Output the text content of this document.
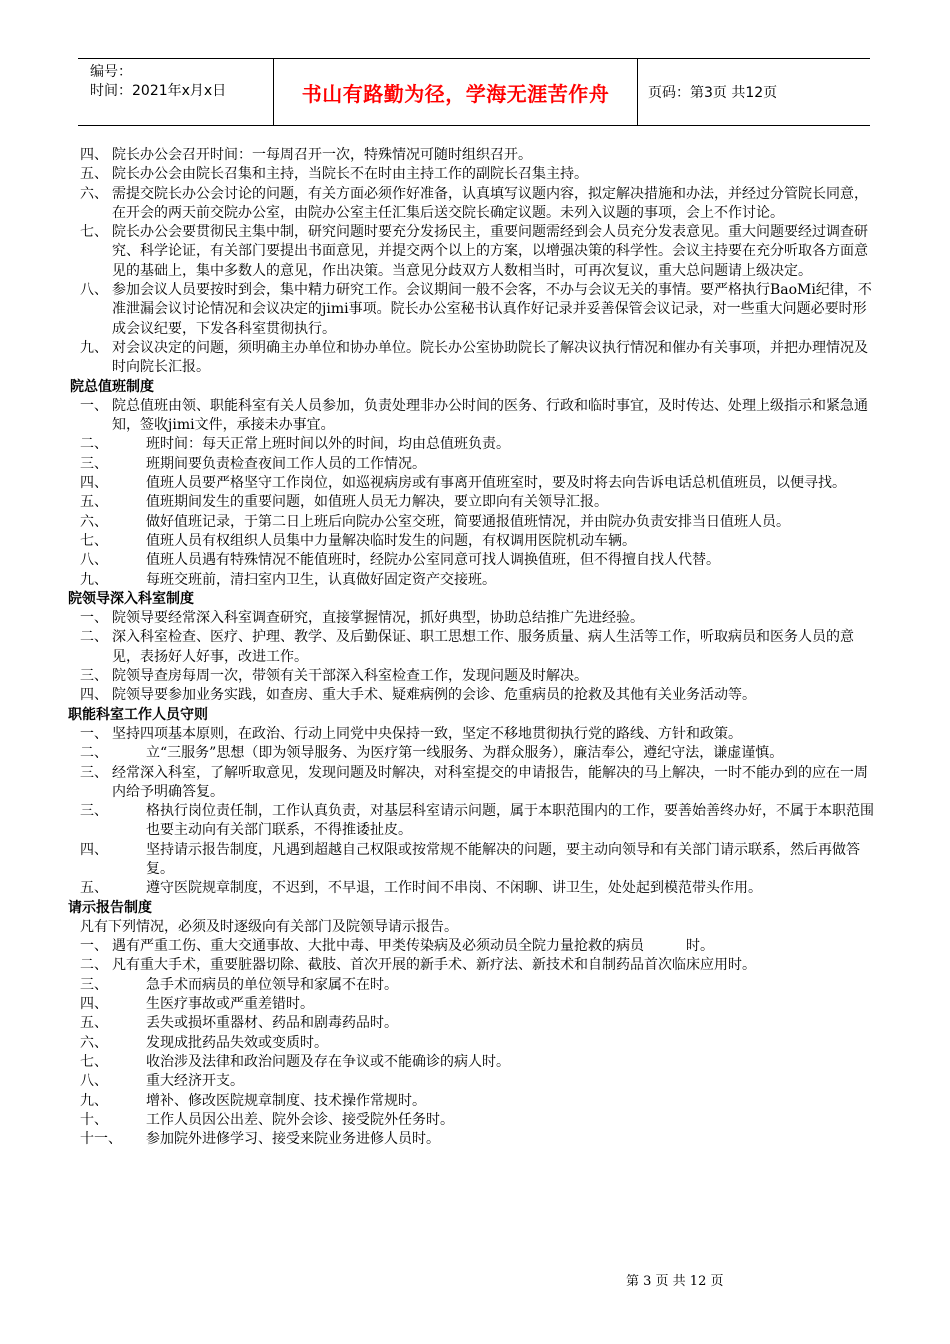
编号：
时间：2021年x月x日	书山有路勤为径，学海无涯苦作舟	页码：第3页 共12页
四、 院长办公会召开时间：一每周召开一次，特殊情况可随时组织召开。
五、 院长办公会由院长召集和主持，当院长不在时由主持工作的副院长召集主持。
六、 需提交院长办公会讨论的问题，有关方面必须作好准备，认真填写议题内容，拟定解决措施和办法，并经过分管院长同意，在开会的两天前交院办公室，由院办公室主任汇集后送交院长确定议题。未列入议题的事项，会上不作讨论。
七、 院长办公会要贯彻民主集中制，研究问题时要充分发扬民主，重要问题需经到会人员充分发表意见。重大问题要经过调查研究、科学论证，有关部门要提出书面意见，并提交两个以上的方案，以增强决策的科学性。会议主持要在充分听取各方面意见的基础上，集中多数人的意见，作出决策。当意见分歧双方人数相当时，可再次复议，重大总问题请上级决定。
八、 参加会议人员要按时到会，集中精力研究工作。会议期间一般不会客，不办与会议无关的事情。要严格执行BaoMi纪律，不准泄漏会议讨论情况和会议决定的jimi事项。院长办公室秘书认真作好记录并妥善保管会议记录，对一些重大问题必要时形成会议纪要，下发各科室贯彻执行。
九、 对会议决定的问题，须明确主办单位和协办单位。院长办公室协助院长了解决议执行情况和催办有关事项，并把办理情况及时向院长汇报。
院总值班制度
一、 院总值班由领、职能科室有关人员参加，负责处理非办公时间的医务、行政和临时事宜，及时传达、处理上级指示和紧急通知，签收jimi文件，承接未办事宜。
二、	班时间：每天正常上班时间以外的时间，均由总值班负责。
三、	班期间要负责检查夜间工作人员的工作情况。
四、	值班人员要严格坚守工作岗位，如巡视病房或有事离开值班室时，要及时将去向告诉电话总机值班员，以便寻找。
五、	值班期间发生的重要问题，如值班人员无力解决，要立即向有关领导汇报。
六、	做好值班记录，于第二日上班后向院办公室交班，简要通报值班情况，并由院办负责安排当日值班人员。
七、	值班人员有权组织人员集中力量解决临时发生的问题，有权调用医院机动车辆。
八、	值班人员遇有特殊情况不能值班时，经院办公室同意可找人调换值班，但不得擅自找人代替。
九、	每班交班前，清扫室内卫生，认真做好固定资产交接班。
院领导深入科室制度
一、 院领导要经常深入科室调查研究，直接掌握情况，抓好典型，协助总结推广先进经验。
二、 深入科室检查、医疗、护理、教学、及后勤保证、职工思想工作、服务质量、病人生活等工作，听取病员和医务人员的意见，表扬好人好事，改进工作。
三、 院领导查房每周一次，带领有关干部深入科室检查工作，发现问题及时解决。
四、 院领导要参加业务实践，如查房、重大手术、疑难病例的会诊、危重病员的抢救及其他有关业务活动等。
职能科室工作人员守则
一、 坚持四项基本原则，在政治、行动上同党中央保持一致，坚定不移地贯彻执行党的路线、方针和政策。
二、	立“三服务”思想（即为领导服务、为医疗第一线服务、为群众服务），廉洁奉公，遵纪守法，谦虚谨慎。
三、 经常深入科室，了解听取意见，发现问题及时解决，对科室提交的申请报告，能解决的马上解决，一时不能办到的应在一周内给予明确答复。
三、	格执行岗位责任制，工作认真负责，对基层科室请示问题，属于本职范围内的工作，要善始善终办好，不属于本职范围也要主动向有关部门联系，不得推诿扯皮。
四、	坚持请示报告制度，凡遇到超越自己权限或按常规不能解决的问题，要主动向领导和有关部门请示联系，然后再做答复。
五、	遵守医院规章制度，不迟到，不早退，工作时间不串岗、不闲聊、讲卫生，处处起到模范带头作用。
请示报告制度
凡有下列情况，必须及时逐级向有关部门及院领导请示报告。
一、 遇有严重工伤、重大交通事故、大批中毒、甲类传染病及必须动员全院力量抢救的病员　　　时。
二、 凡有重大手术，重要脏器切除、截肢、首次开展的新手术、新疗法、新技术和自制药品首次临床应用时。
三、	急手术而病员的单位领导和家属不在时。
四、	生医疗事故或严重差错时。
五、	丢失或损坏重器材、药品和剧毒药品时。
六、	发现成批药品失效或变质时。
七、	收治涉及法律和政治问题及存在争议或不能确诊的病人时。
八、	重大经济开支。
九、	增补、修改医院规章制度、技术操作常规时。
十、	工作人员因公出差、院外会诊、接受院外任务时。
十一、	参加院外进修学习、接受来院业务进修人员时。
第 3 页 共 12 页
